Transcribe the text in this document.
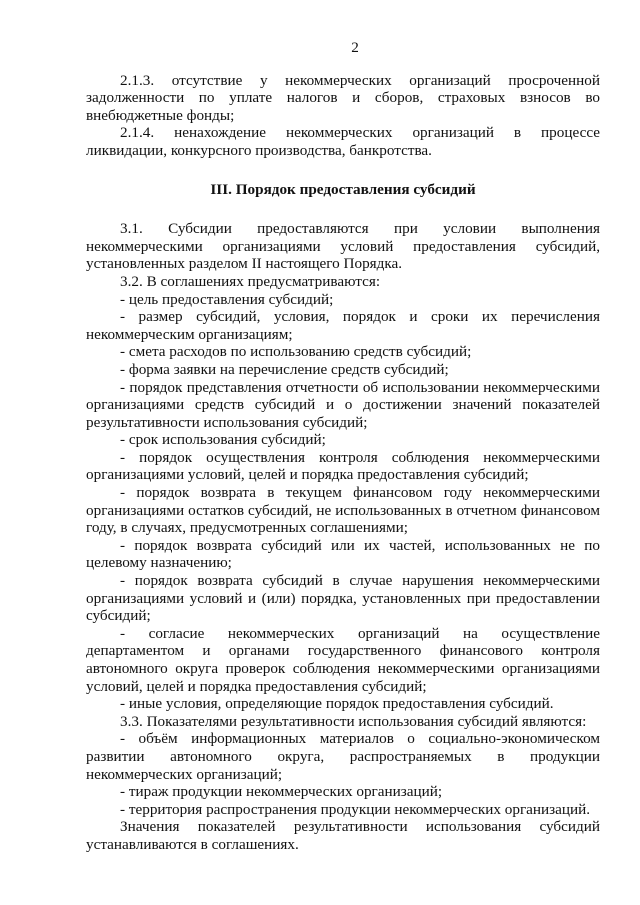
2

2.1.3. отсутствие у некоммерческих организаций просроченной задолженности по уплате налогов и сборов, страховых взносов во внебюджетные фонды;

2.1.4. ненахождение некоммерческих организаций в процессе ликвидации, конкурсного производства, банкротства.

III. Порядок предоставления субсидий

3.1. Субсидии предоставляются при условии выполнения некоммерческими организациями условий предоставления субсидий, установленных разделом II настоящего Порядка.

3.2. В соглашениях предусматриваются:

- цель предоставления субсидий;

- размер субсидий, условия, порядок и сроки их перечисления некоммерческим организациям;

- смета расходов по использованию средств субсидий;

- форма заявки на перечисление средств субсидий;

- порядок представления отчетности об использовании некоммерческими организациями средств субсидий и о достижении значений показателей результативности использования субсидий;

- срок использования субсидий;

- порядок осуществления контроля соблюдения некоммерческими организациями условий, целей и порядка предоставления субсидий;

- порядок возврата в текущем финансовом году некоммерческими организациями остатков субсидий, не использованных в отчетном финансовом году, в случаях, предусмотренных соглашениями;

- порядок возврата субсидий или их частей, использованных не по целевому назначению;

- порядок возврата субсидий в случае нарушения некоммерческими организациями условий и (или) порядка, установленных при предоставлении субсидий;

- согласие некоммерческих организаций на осуществление департаментом и органами государственного финансового контроля автономного округа проверок соблюдения некоммерческими организациями условий, целей и порядка предоставления субсидий;

- иные условия, определяющие порядок предоставления субсидий.

3.3. Показателями результативности использования субсидий являются:

- объём информационных материалов о социально-экономическом развитии автономного округа, распространяемых в продукции некоммерческих организаций;

- тираж продукции некоммерческих организаций;

- территория распространения продукции некоммерческих организаций.

Значения показателей результативности использования субсидий устанавливаются в соглашениях.
